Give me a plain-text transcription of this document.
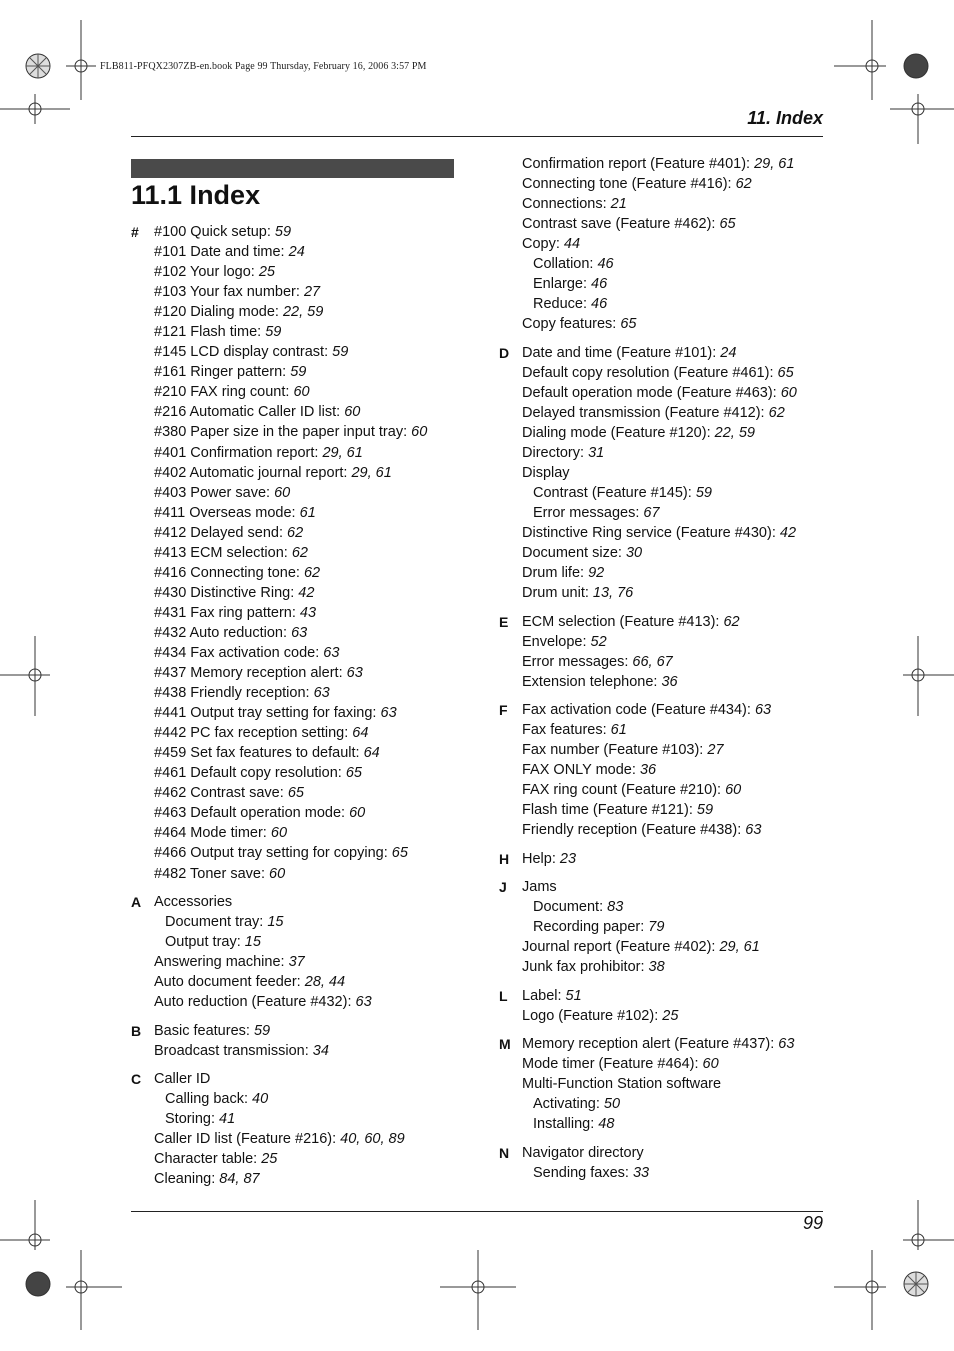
FLB811-PFQX2307ZB-en.book Page 99 Thursday, February 16, 2006 3:57 PM
11. Index
11.1 Index
# #100 Quick setup: 59
#101 Date and time: 24
#102 Your logo: 25
#103 Your fax number: 27
#120 Dialing mode: 22, 59
#121 Flash time: 59
#145 LCD display contrast: 59
#161 Ringer pattern: 59
#210 FAX ring count: 60
#216 Automatic Caller ID list: 60
#380 Paper size in the paper input tray: 60
#401 Confirmation report: 29, 61
#402 Automatic journal report: 29, 61
#403 Power save: 60
#411 Overseas mode: 61
#412 Delayed send: 62
#413 ECM selection: 62
#416 Connecting tone: 62
#430 Distinctive Ring: 42
#431 Fax ring pattern: 43
#432 Auto reduction: 63
#434 Fax activation code: 63
#437 Memory reception alert: 63
#438 Friendly reception: 63
#441 Output tray setting for faxing: 63
#442 PC fax reception setting: 64
#459 Set fax features to default: 64
#461 Default copy resolution: 65
#462 Contrast save: 65
#463 Default operation mode: 60
#464 Mode timer: 60
#466 Output tray setting for copying: 65
#482 Toner save: 60
A Accessories
Document tray: 15
Output tray: 15
Answering machine: 37
Auto document feeder: 28, 44
Auto reduction (Feature #432): 63
B Basic features: 59
Broadcast transmission: 34
C Caller ID
Calling back: 40
Storing: 41
Caller ID list (Feature #216): 40, 60, 89
Character table: 25
Cleaning: 84, 87
Confirmation report (Feature #401): 29, 61
Connecting tone (Feature #416): 62
Connections: 21
Contrast save (Feature #462): 65
Copy: 44
Collation: 46
Enlarge: 46
Reduce: 46
Copy features: 65
D Date and time (Feature #101): 24
Default copy resolution (Feature #461): 65
Default operation mode (Feature #463): 60
Delayed transmission (Feature #412): 62
Dialing mode (Feature #120): 22, 59
Directory: 31
Display
Contrast (Feature #145): 59
Error messages: 67
Distinctive Ring service (Feature #430): 42
Document size: 30
Drum life: 92
Drum unit: 13, 76
E ECM selection (Feature #413): 62
Envelope: 52
Error messages: 66, 67
Extension telephone: 36
F Fax activation code (Feature #434): 63
Fax features: 61
Fax number (Feature #103): 27
FAX ONLY mode: 36
FAX ring count (Feature #210): 60
Flash time (Feature #121): 59
Friendly reception (Feature #438): 63
H Help: 23
J Jams
Document: 83
Recording paper: 79
Journal report (Feature #402): 29, 61
Junk fax prohibitor: 38
L Label: 51
Logo (Feature #102): 25
M Memory reception alert (Feature #437): 63
Mode timer (Feature #464): 60
Multi-Function Station software
Activating: 50
Installing: 48
N Navigator directory
Sending faxes: 33
99
